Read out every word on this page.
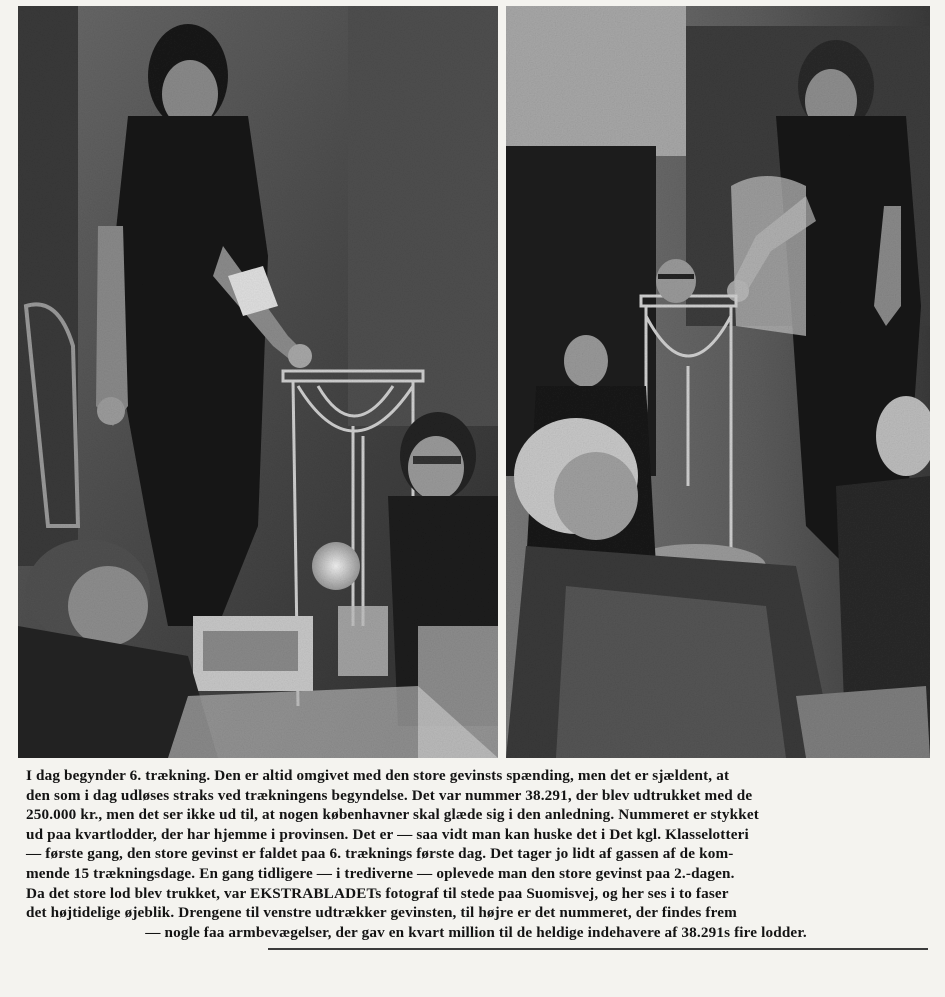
I dag begynder 6. trækning. Den er altid omgivet med den store gevinsts spænding, men det er sjældent, at

den som i dag udløses straks ved trækningens begyndelse. Det var nummer 38.291, der blev udtrukket med de

250.000 kr., men det ser ikke ud til, at nogen københavner skal glæde sig i den anledning. Nummeret er stykket

ud paa kvartlodder, der har hjemme i provinsen. Det er — saa vidt man kan huske det i Det kgl. Klasselotteri

— første gang, den store gevinst er faldet paa 6. træknings første dag. Det tager jo lidt af gassen af de kom-

mende 15 trækningsdage. En gang tidligere — i trediverne — oplevede man den store gevinst paa 2.-dagen.

Da det store lod blev trukket, var EKSTRABLADETs fotograf til stede paa Suomisvej, og her ses i to faser

det højtidelige øjeblik. Drengene til venstre udtrækker gevinsten, til højre er det nummeret, der findes frem

— nogle faa armbevægelser, der gav en kvart million til de heldige indehavere af 38.291s fire lodder.
